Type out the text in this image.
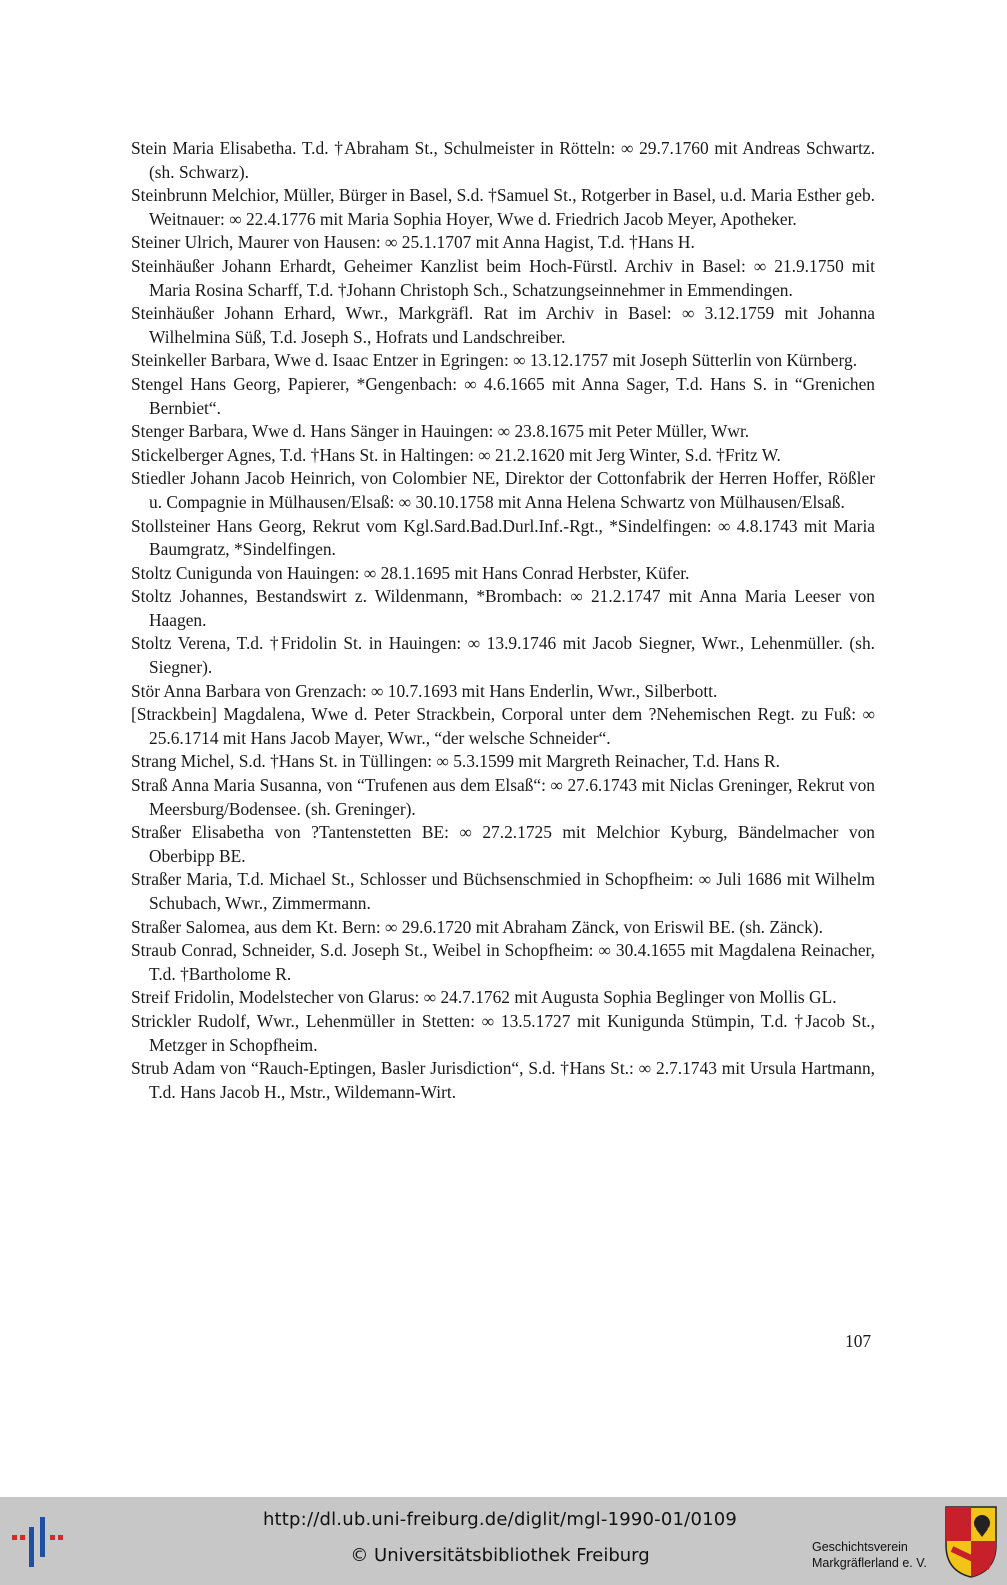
Stein Maria Elisabetha. T.d. †Abraham St., Schulmeister in Rötteln: ∞ 29.7.1760 mit Andreas Schwartz. (sh. Schwarz).

Steinbrunn Melchior, Müller, Bürger in Basel, S.d. †Samuel St., Rotgerber in Basel, u.d. Maria Esther geb. Weitnauer: ∞ 22.4.1776 mit Maria Sophia Hoyer, Wwe d. Friedrich Jacob Meyer, Apotheker.

Steiner Ulrich, Maurer von Hausen: ∞ 25.1.1707 mit Anna Hagist, T.d. †Hans H.

Steinhäußer Johann Erhardt, Geheimer Kanzlist beim Hoch-Fürstl. Archiv in Basel: ∞ 21.9.1750 mit Maria Rosina Scharff, T.d. †Johann Christoph Sch., Schatzungseinnehmer in Emmendingen.

Steinhäußer Johann Erhard, Wwr., Markgräfl. Rat im Archiv in Basel: ∞ 3.12.1759 mit Johanna Wilhelmina Süß, T.d. Joseph S., Hofrats und Landschreiber.

Steinkeller Barbara, Wwe d. Isaac Entzer in Egringen: ∞ 13.12.1757 mit Joseph Sütterlin von Kürnberg.

Stengel Hans Georg, Papierer, *Gengenbach: ∞ 4.6.1665 mit Anna Sager, T.d. Hans S. in “Grenichen Bernbiet“.

Stenger Barbara, Wwe d. Hans Sänger in Hauingen: ∞ 23.8.1675 mit Peter Müller, Wwr.

Stickelberger Agnes, T.d. †Hans St. in Haltingen: ∞ 21.2.1620 mit Jerg Winter, S.d. †Fritz W.

Stiedler Johann Jacob Heinrich, von Colombier NE, Direktor der Cottonfabrik der Herren Hoffer, Rößler u. Compagnie in Mülhausen/Elsaß: ∞ 30.10.1758 mit Anna Helena Schwartz von Mülhausen/Elsaß.

Stollsteiner Hans Georg, Rekrut vom Kgl.Sard.Bad.Durl.Inf.-Rgt., *Sindelfingen: ∞ 4.8.1743 mit Maria Baumgratz, *Sindelfingen.

Stoltz Cunigunda von Hauingen: ∞ 28.1.1695 mit Hans Conrad Herbster, Küfer.

Stoltz Johannes, Bestandswirt z. Wildenmann, *Brombach: ∞ 21.2.1747 mit Anna Maria Leeser von Haagen.

Stoltz Verena, T.d. †Fridolin St. in Hauingen: ∞ 13.9.1746 mit Jacob Siegner, Wwr., Lehenmüller. (sh. Siegner).

Stör Anna Barbara von Grenzach: ∞ 10.7.1693 mit Hans Enderlin, Wwr., Silberbott.

[Strackbein] Magdalena, Wwe d. Peter Strackbein, Corporal unter dem ?Nehemischen Regt. zu Fuß: ∞ 25.6.1714 mit Hans Jacob Mayer, Wwr., “der welsche Schneider“.

Strang Michel, S.d. †Hans St. in Tüllingen: ∞ 5.3.1599 mit Margreth Reinacher, T.d. Hans R.

Straß Anna Maria Susanna, von “Trufenen aus dem Elsaß“: ∞ 27.6.1743 mit Niclas Greninger, Rekrut von Meersburg/Bodensee. (sh. Greninger).

Straßer Elisabetha von ?Tantenstetten BE: ∞ 27.2.1725 mit Melchior Kyburg, Bändelmacher von Oberbipp BE.

Straßer Maria, T.d. Michael St., Schlosser und Büchsenschmied in Schopfheim: ∞ Juli 1686 mit Wilhelm Schubach, Wwr., Zimmermann.

Straßer Salomea, aus dem Kt. Bern: ∞ 29.6.1720 mit Abraham Zänck, von Eriswil BE. (sh. Zänck).

Straub Conrad, Schneider, S.d. Joseph St., Weibel in Schopfheim: ∞ 30.4.1655 mit Magdalena Reinacher, T.d. †Bartholome R.

Streif Fridolin, Modelstecher von Glarus: ∞ 24.7.1762 mit Augusta Sophia Beglinger von Mollis GL.

Strickler Rudolf, Wwr., Lehenmüller in Stetten: ∞ 13.5.1727 mit Kunigunda Stümpin, T.d. †Jacob St., Metzger in Schopfheim.

Strub Adam von “Rauch-Eptingen, Basler Jurisdiction“, S.d. †Hans St.: ∞ 2.7.1743 mit Ursula Hartmann, T.d. Hans Jacob H., Mstr., Wildemann-Wirt.

107
http://dl.ub.uni-freiburg.de/diglit/mgl-1990-01/0109
© Universitätsbibliothek Freiburg	Geschichtsverein
Markgräflerland e. V.
